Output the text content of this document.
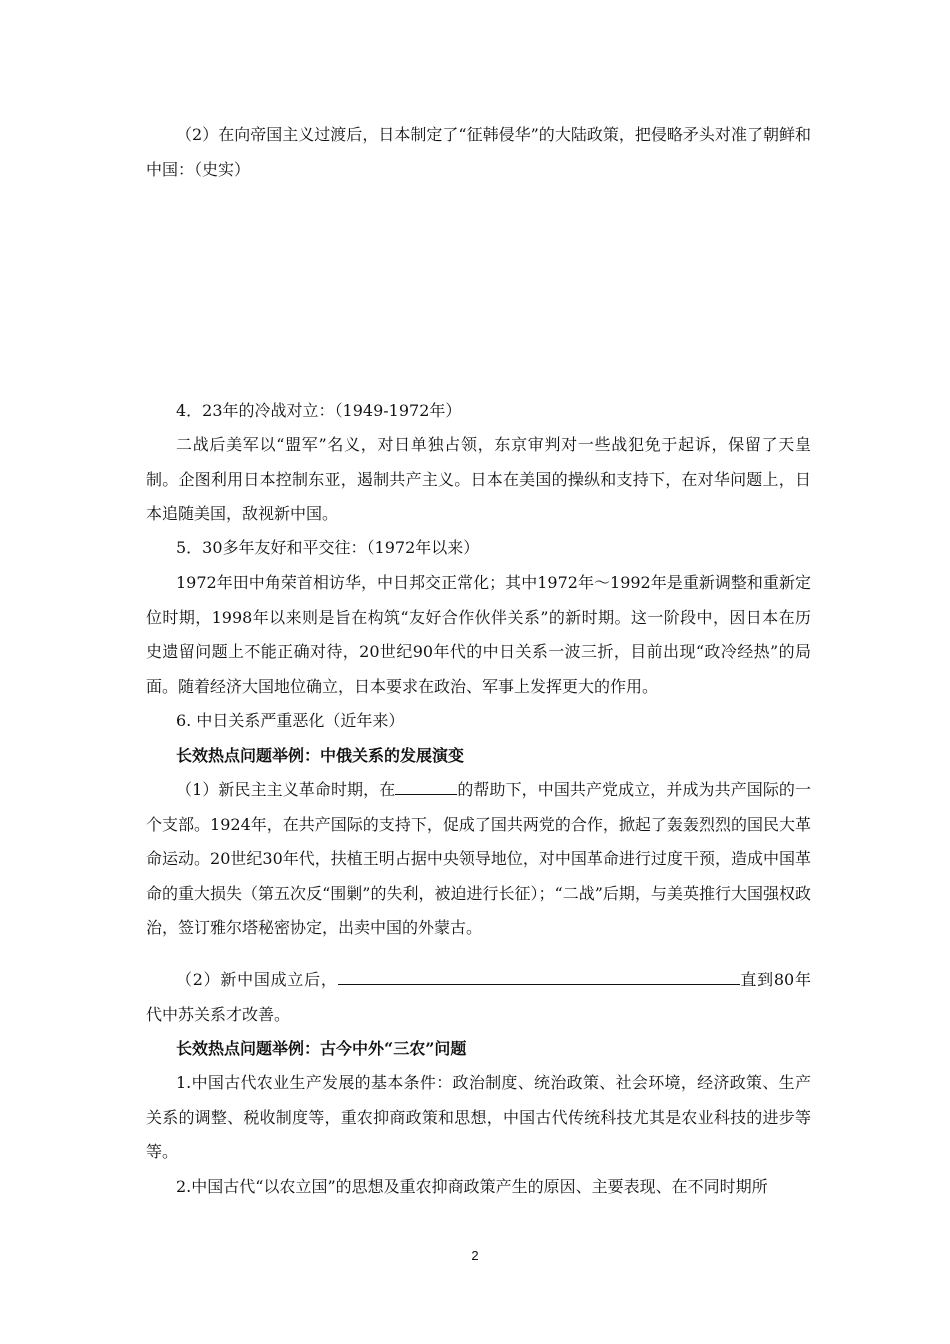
（2）在向帝国主义过渡后，日本制定了“征韩侵华”的大陆政策，把侵略矛头对准了朝鲜和中国：（史实）

4．23年的冷战对立：（1949-1972年）

二战后美军以“盟军”名义，对日单独占领，东京审判对一些战犯免于起诉，保留了天皇制。企图利用日本控制东亚，遏制共产主义。日本在美国的操纵和支持下，在对华问题上，日本追随美国，敌视新中国。

5．30多年友好和平交往：（1972年以来）

1972年田中角荣首相访华，中日邦交正常化；其中1972年～1992年是重新调整和重新定位时期，1998年以来则是旨在构筑“友好合作伙伴关系”的新时期。这一阶段中，因日本在历史遗留问题上不能正确对待，20世纪90年代的中日关系一波三折，目前出现“政冷经热”的局面。随着经济大国地位确立，日本要求在政治、军事上发挥更大的作用。

6. 中日关系严重恶化（近年来）

长效热点问题举例：中俄关系的发展演变

（1）新民主主义革命时期，在	的帮助下，中国共产党成立，并成为共产国际的一个支部。1924年，在共产国际的支持下，促成了国共两党的合作，掀起了轰轰烈烈的国民大革命运动。20世纪30年代，扶植王明占据中央领导地位，对中国革命进行过度干预，造成中国革命的重大损失（第五次反“围剿”的失利，被迫进行长征）；“二战”后期，与美英推行大国强权政治，签订雅尔塔秘密协定，出卖中国的外蒙古。

（2）新中国成立后，	直到80年代中苏关系才改善。

长效热点问题举例：古今中外“三农”问题

1.中国古代农业生产发展的基本条件：政治制度、统治政策、社会环境，经济政策、生产关系的调整、税收制度等，重农抑商政策和思想，中国古代传统科技尤其是农业科技的进步等等。

2.中国古代“以农立国”的思想及重农抑商政策产生的原因、主要表现、在不同时期所

2
